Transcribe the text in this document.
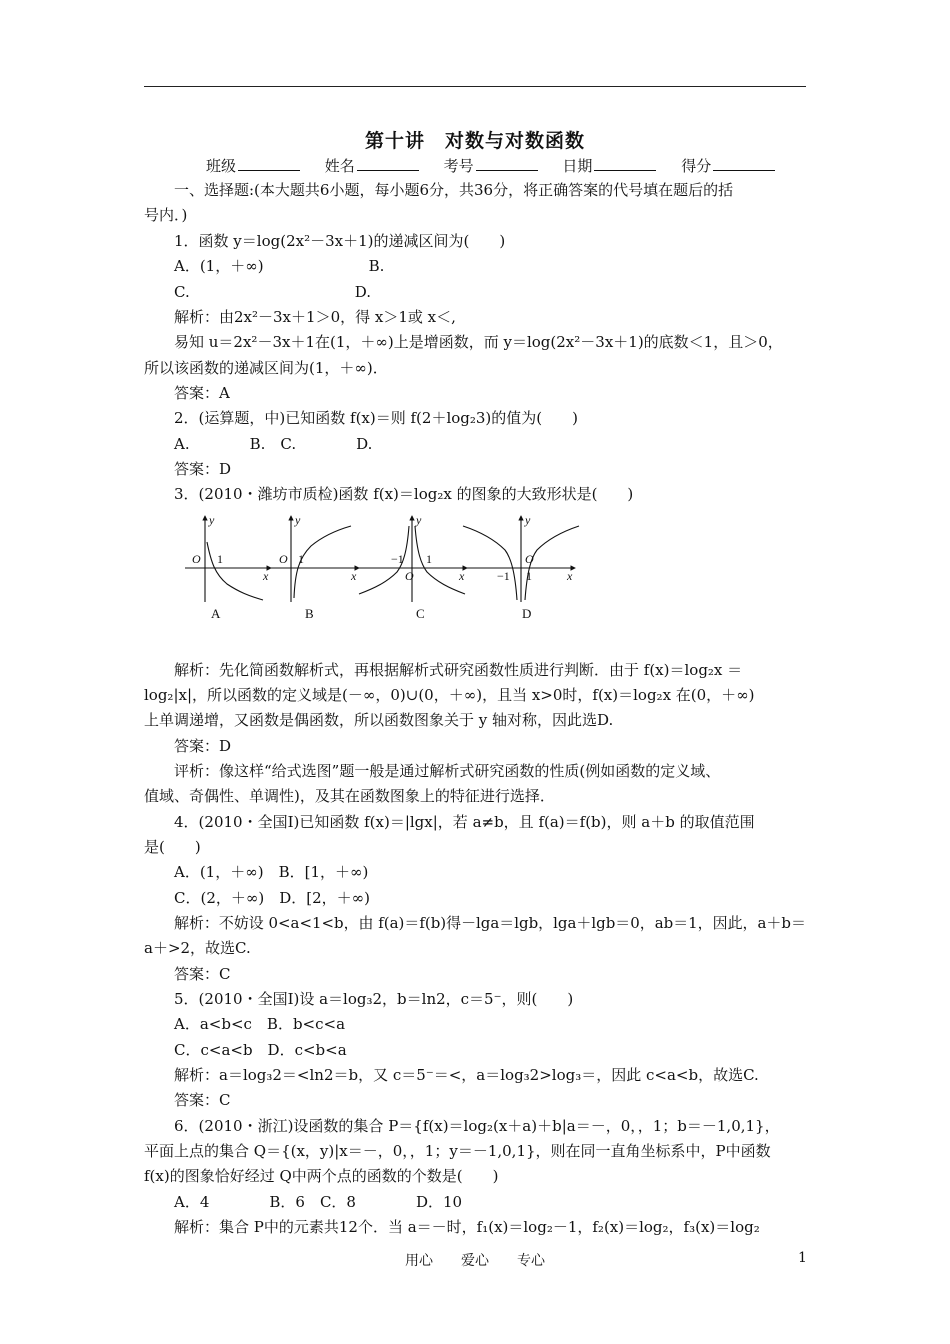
第十讲　对数与对数函数
班级	姓名	考号	日期	得分
一、选择题:(本大题共6小题，每小题6分，共36分，将正确答案的代号填在题后的括
号内．)
1．函数 y＝log(2x²－3x＋1)的递减区间为(　　)
A．(1，＋∞)　　　　　　　B.
C.　　　　　　　　　　　D.
解析：由2x²－3x＋1＞0，得 x＞1或 x＜,
易知 u＝2x²－3x＋1在(1，＋∞)上是增函数，而 y＝log(2x²－3x＋1)的底数＜1，且＞0，
所以该函数的递减区间为(1，＋∞)．
答案：A
2．(运算题，中)已知函数 f(x)＝则 f(2＋log₂3)的值为(　　)
A.　　　　B.　C.　　　　D.
答案：D
3．(2010・潍坊市质检)函数 f(x)＝log₂x 的图象的大致形状是(　　)
解析：先化简函数解析式，再根据解析式研究函数性质进行判断．由于 f(x)＝log₂x ＝
log₂|x|，所以函数的定义域是(－∞，0)∪(0，＋∞)，且当 x>0时，f(x)＝log₂x 在(0，＋∞)
上单调递增，又函数是偶函数，所以函数图象关于 y 轴对称，因此选D.
答案：D
评析：像这样“给式选图”题一般是通过解析式研究函数的性质(例如函数的定义域、
值域、奇偶性、单调性)，及其在函数图象上的特征进行选择．
4．(2010・全国Ⅰ)已知函数 f(x)＝|lgx|，若 a≠b，且 f(a)＝f(b)，则 a＋b 的取值范围
是(　　)
A．(1，＋∞)　B．[1，＋∞)
C．(2，＋∞)　D．[2，＋∞)
解析：不妨设 0<a<1<b，由 f(a)＝f(b)得－lga＝lgb，lga＋lgb＝0，ab＝1，因此，a＋b＝
a＋>2，故选C.
答案：C
5．(2010・全国Ⅰ)设 a＝log₃2，b＝ln2，c＝5⁻，则(　　)
A．a<b<c　B．b<c<a
C．c<a<b　D．c<b<a
解析：a＝log₃2＝<ln2＝b，又 c＝5⁻＝<，a＝log₃2>log₃＝，因此 c<a<b，故选C.
答案：C
6．(2010・浙江)设函数的集合 P＝{f(x)＝log₂(x＋a)＋b|a＝－，0，，1；b＝－1,0,1}，
平面上点的集合 Q＝{(x，y)|x＝－，0，，1；y＝－1,0,1}，则在同一直角坐标系中，P中函数
f(x)的图象恰好经过 Q中两个点的函数的个数是(　　)
A．4　　　　B．6　C．8　　　　D．10
解析：集合 P中的元素共12个．当 a＝－时，f₁(x)＝log₂－1，f₂(x)＝log₂，f₃(x)＝log₂
y
x
O 1
y
x
O 1
y
x
O
−1 1
y
x
O
−1 1
A	B	C	D
用心　　爱心　　专心	1
